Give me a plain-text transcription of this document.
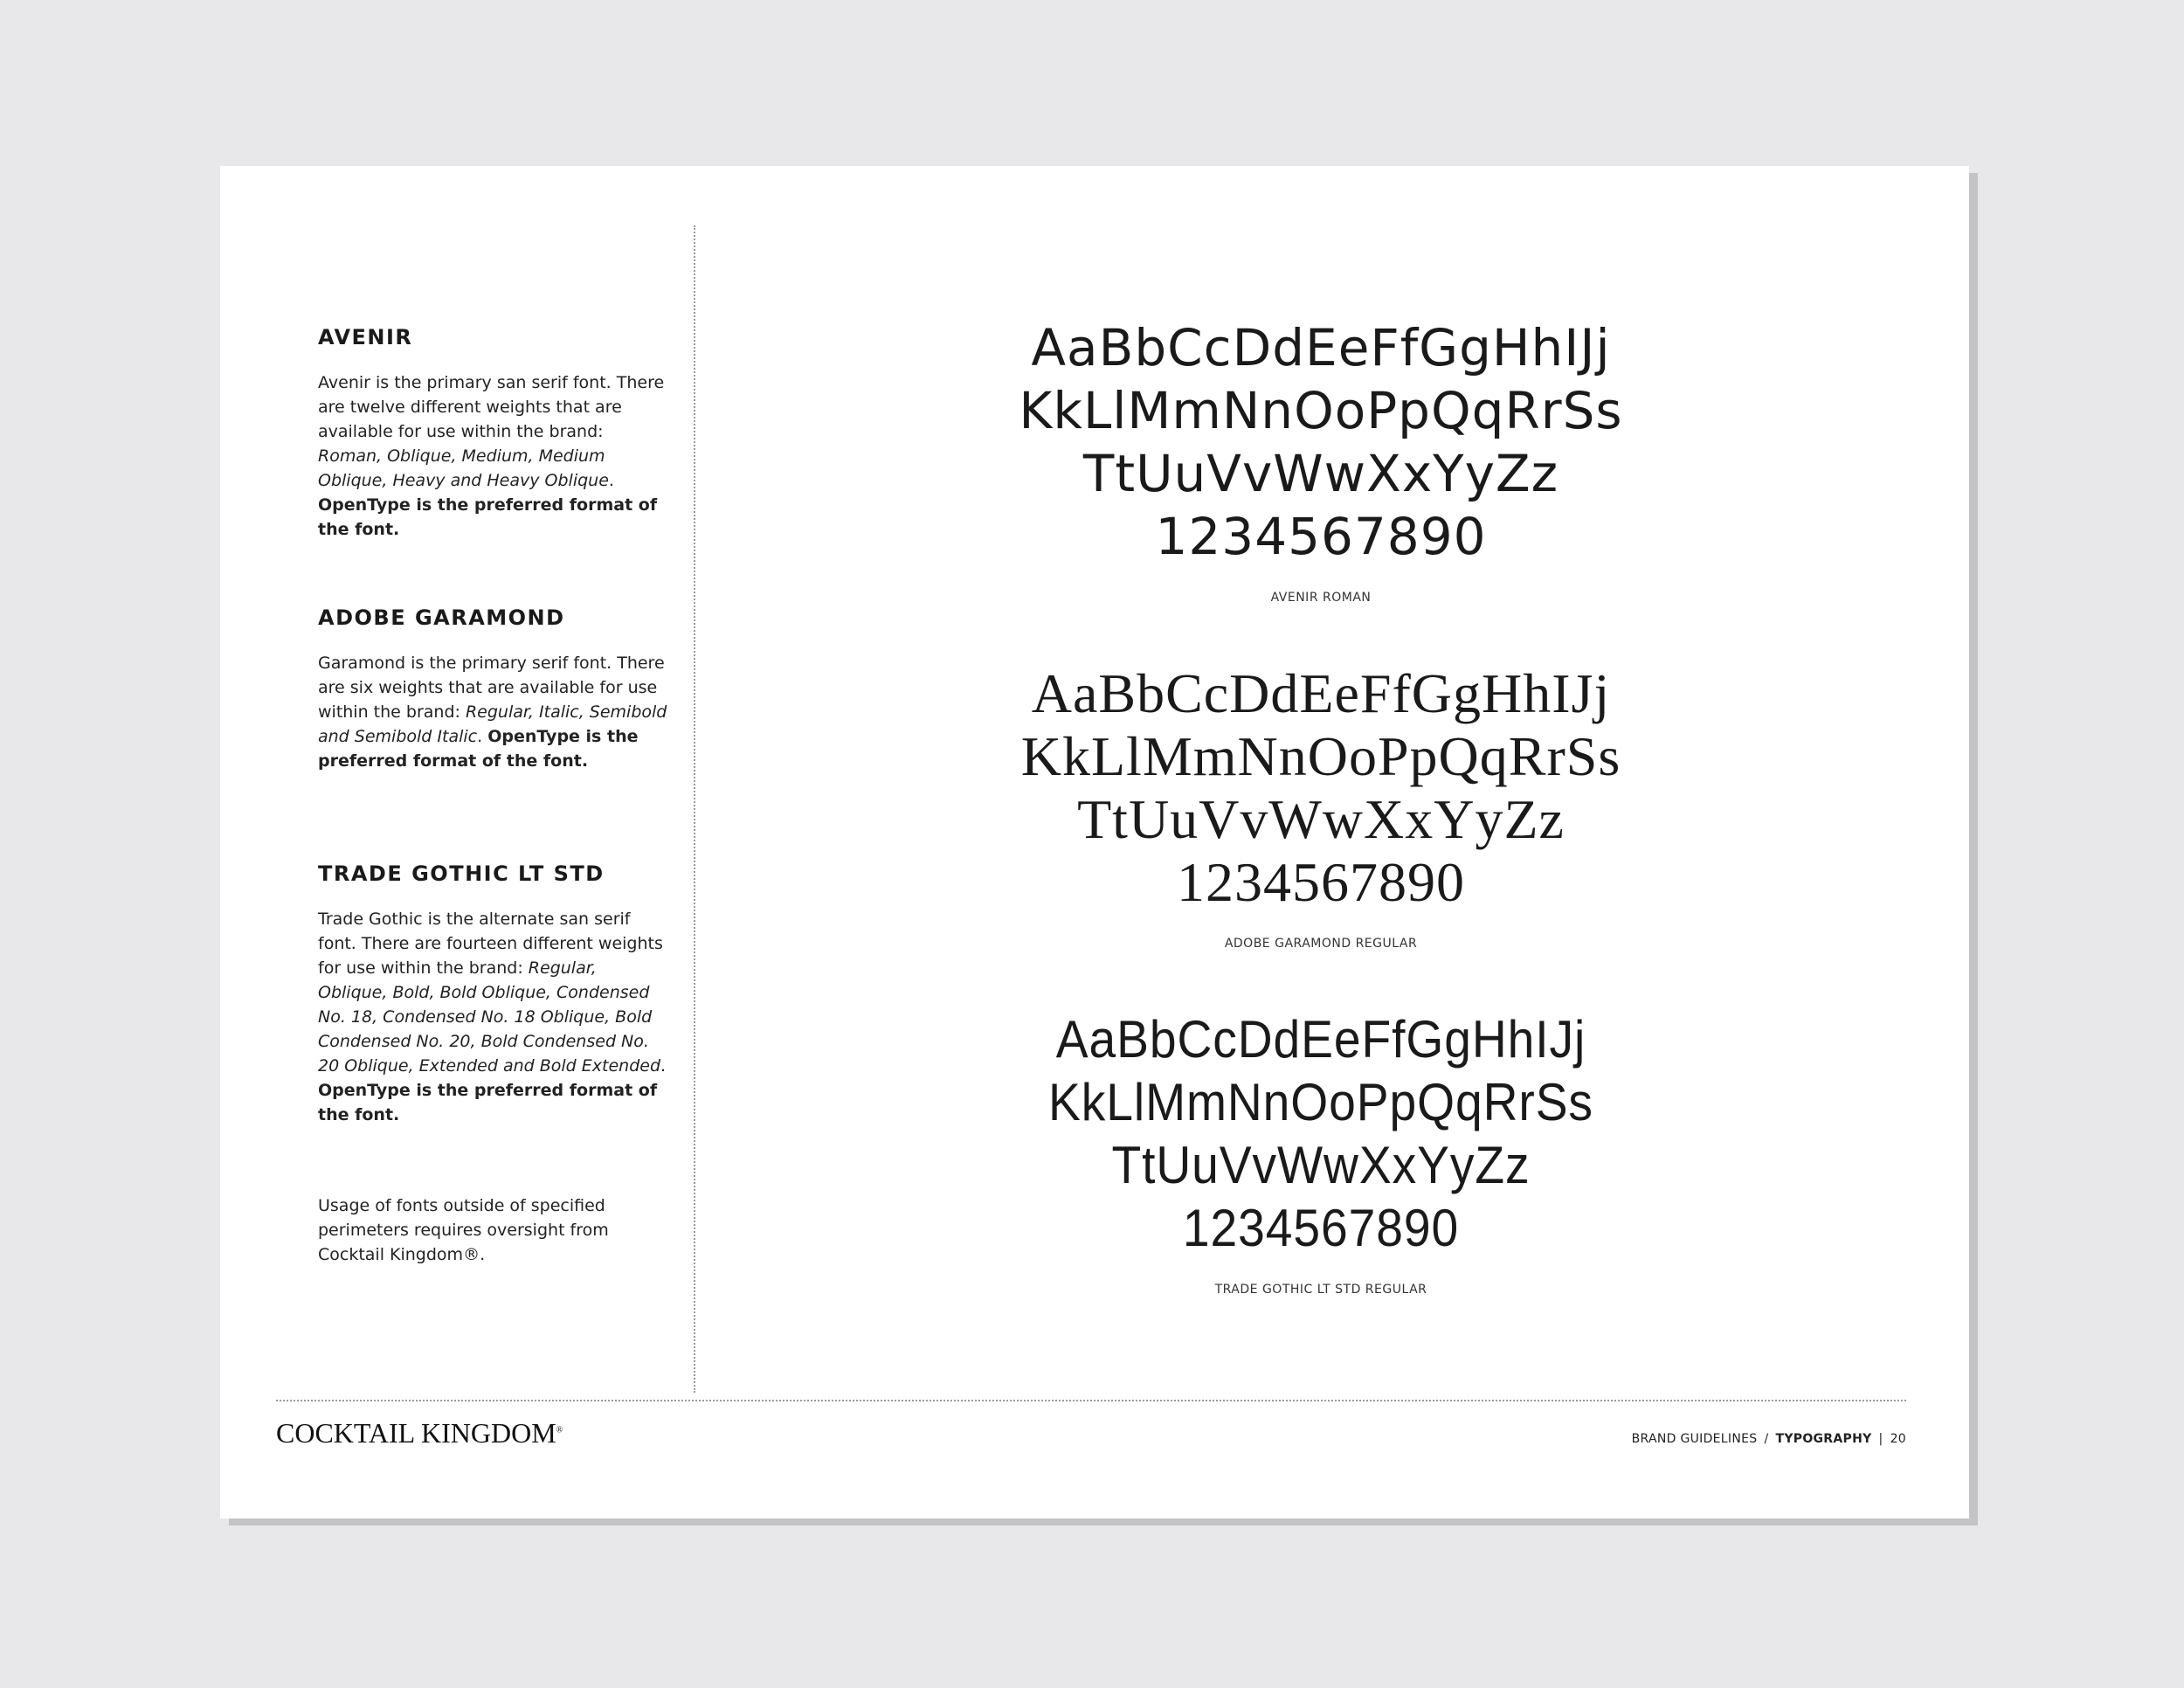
AVENIR

Avenir is the primary san serif font. There are twelve different weights that are available for use within the brand: Roman, Oblique, Medium, Medium Oblique, Heavy and Heavy Oblique. OpenType is the preferred format of the font.

ADOBE GARAMOND

Garamond is the primary serif font. There are six weights that are available for use within the brand: Regular, Italic, Semibold and Semibold Italic. OpenType is the preferred format of the font.

TRADE GOTHIC LT STD

Trade Gothic is the alternate san serif font. There are fourteen different weights for use within the brand: Regular, Oblique, Bold, Bold Oblique, Condensed No. 18, Condensed No. 18 Oblique, Bold Condensed No. 20, Bold Condensed No. 20 Oblique, Extended and Bold Extended. OpenType is the preferred format of the font.

Usage of fonts outside of specified perimeters requires oversight from Cocktail Kingdom®.

AaBbCcDdEeFfGgHhIJj
KkLlMmNnOoPpQqRrSs
TtUuVvWwXxYyZz
1234567890
AVENIR ROMAN
AaBbCcDdEeFfGgHhIJj
KkLlMmNnOoPpQqRrSs
TtUuVvWwXxYyZz
1234567890
ADOBE GARAMOND REGULAR
AaBbCcDdEeFfGgHhIJj
KkLlMmNnOoPpQqRrSs
TtUuVvWwXxYyZz
1234567890
TRADE GOTHIC LT STD REGULAR
COCKTAIL KINGDOM®
BRAND GUIDELINES / TYPOGRAPHY | 20
